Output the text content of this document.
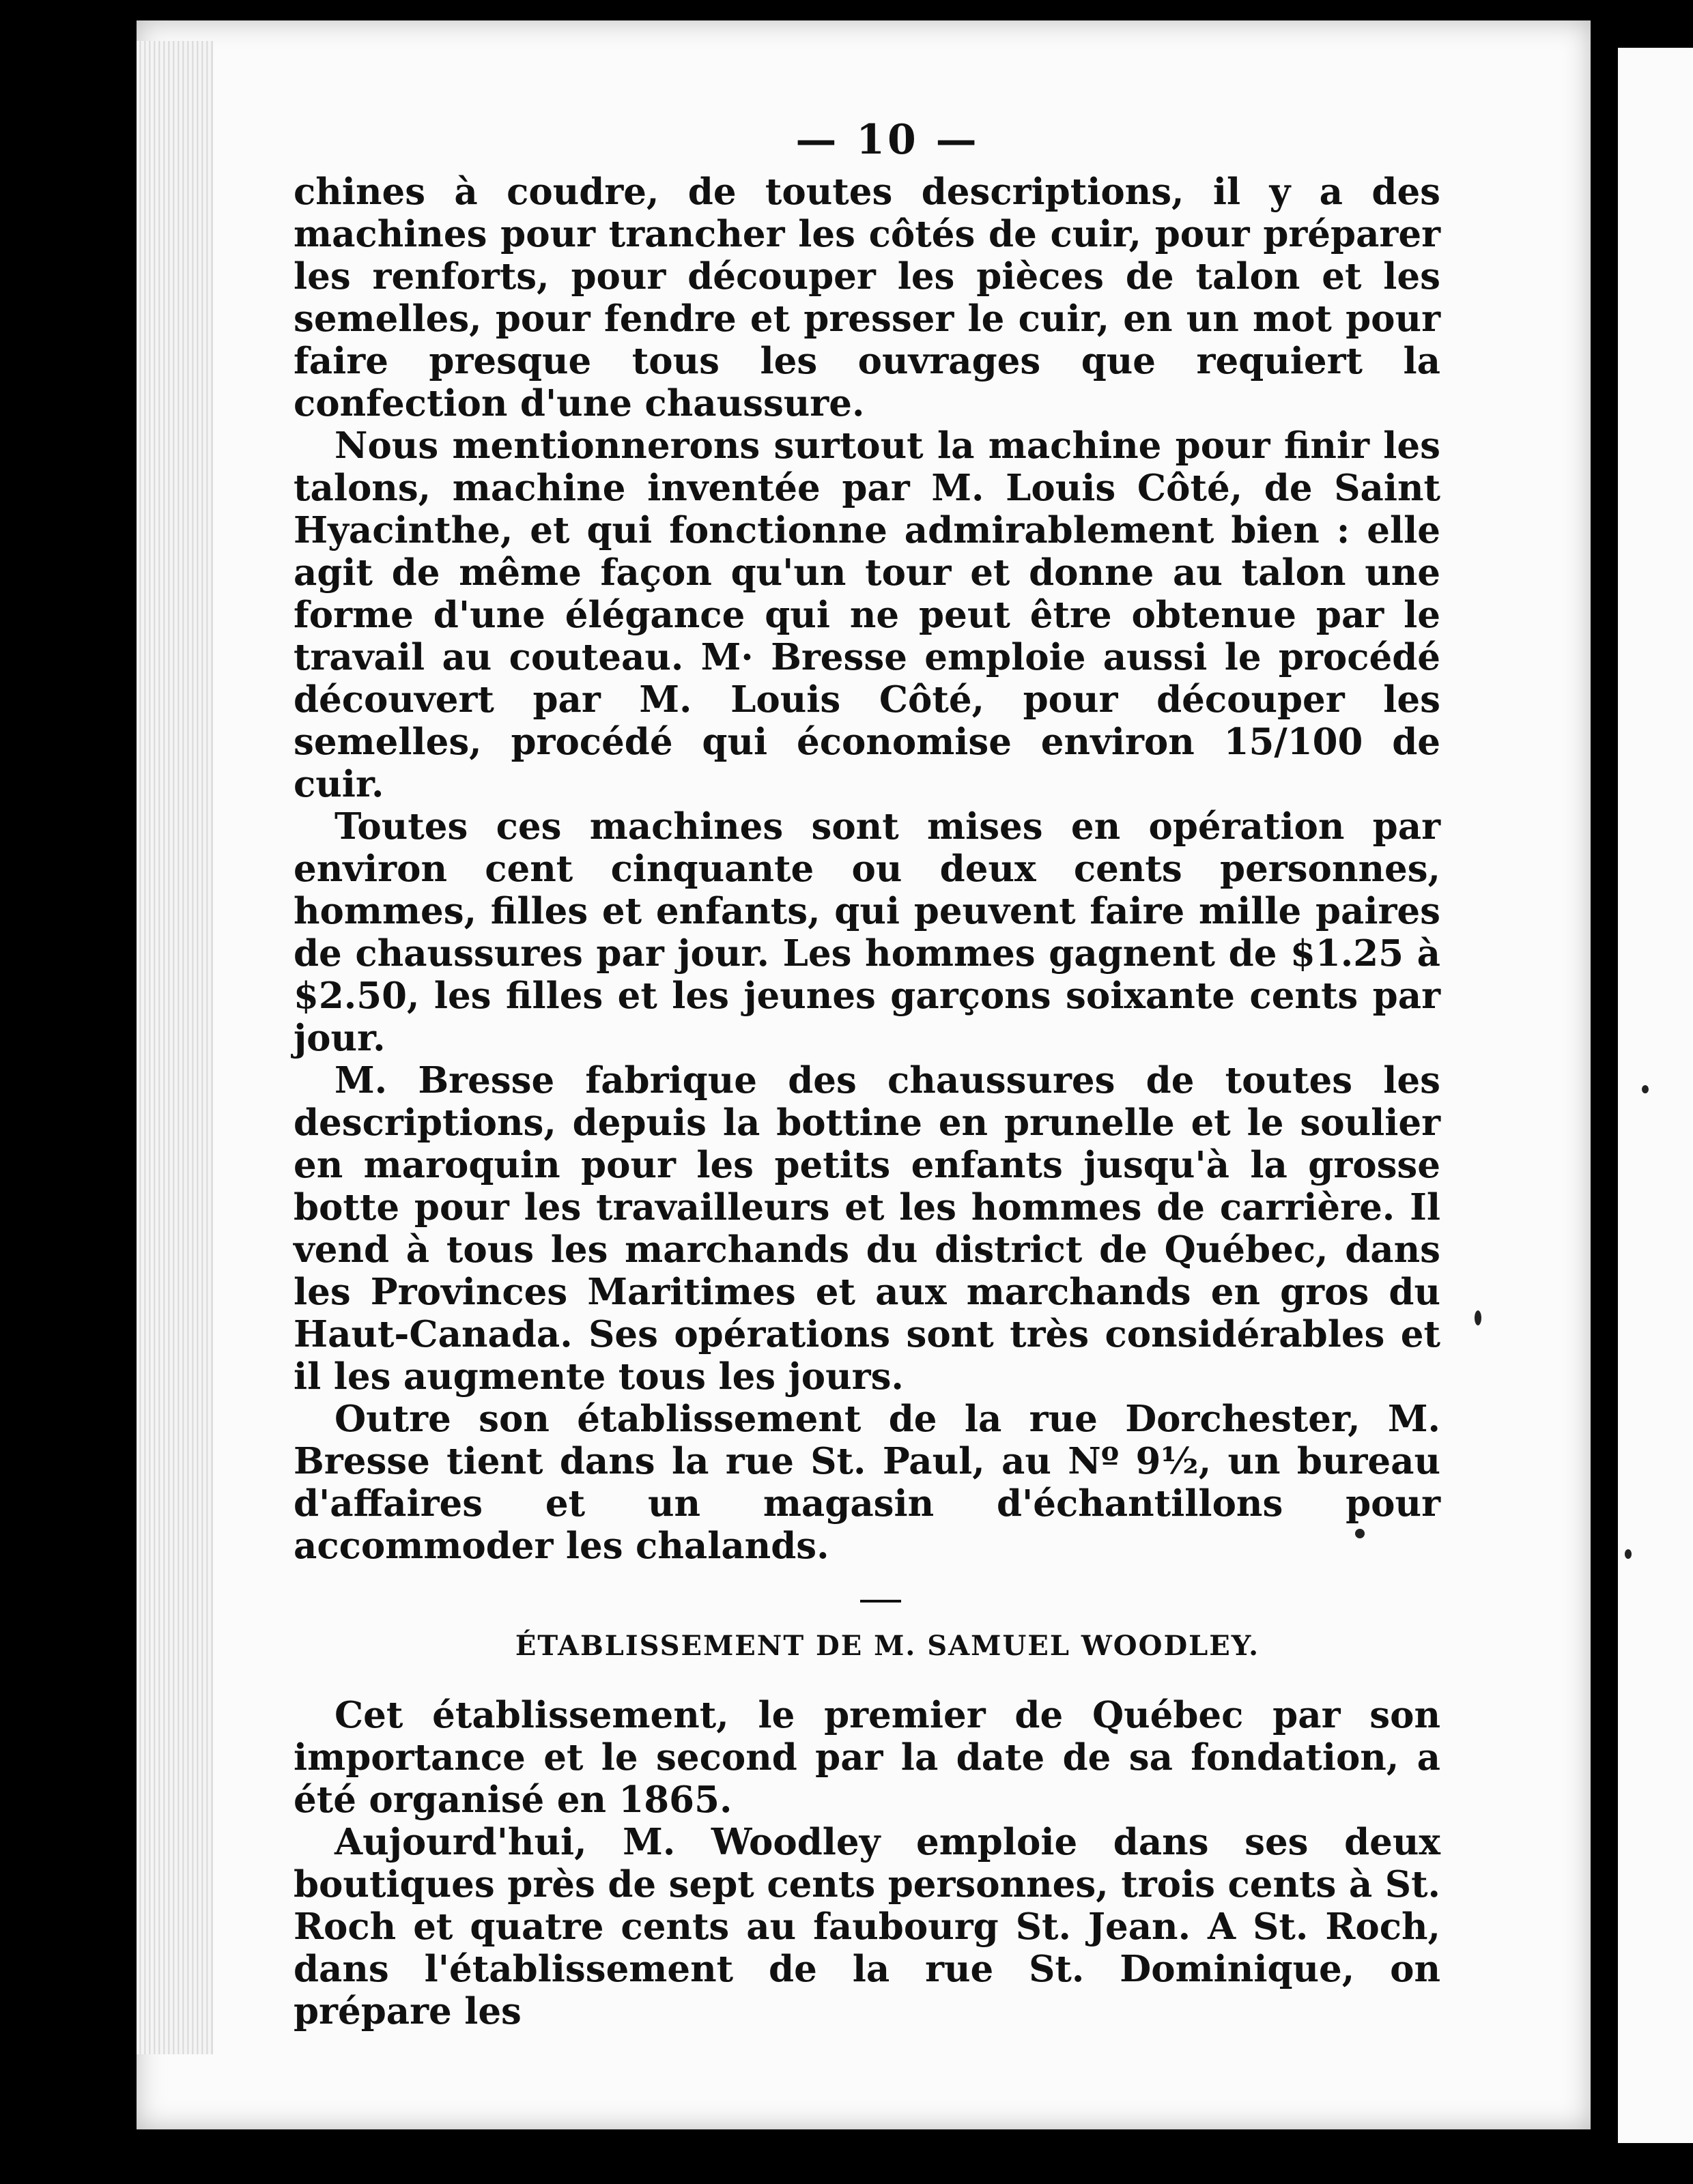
— 10 —

chines à coudre, de toutes descriptions, il y a des machines pour trancher les côtés de cuir, pour préparer les renforts, pour découper les pièces de talon et les semelles, pour fendre et presser le cuir, en un mot pour faire presque tous les ouvrages que requiert la confection d'une chaussure.

Nous mentionnerons surtout la machine pour finir les talons, machine inventée par M. Louis Côté, de Saint Hyacinthe, et qui fonctionne admirablement bien : elle agit de même façon qu'un tour et donne au talon une forme d'une élégance qui ne peut être obtenue par le travail au couteau. M· Bresse emploie aussi le procédé découvert par M. Louis Côté, pour découper les semelles, procédé qui économise environ 15/100 de cuir.

Toutes ces machines sont mises en opération par environ cent cinquante ou deux cents personnes, hommes, filles et enfants, qui peuvent faire mille paires de chaussures par jour. Les hommes gagnent de $1.25 à $2.50, les filles et les jeunes garçons soixante cents par jour.

M. Bresse fabrique des chaussures de toutes les descriptions, depuis la bottine en prunelle et le soulier en maroquin pour les petits enfants jusqu'à la grosse botte pour les travailleurs et les hommes de carrière. Il vend à tous les marchands du district de Québec, dans les Provinces Maritimes et aux marchands en gros du Haut-Canada. Ses opérations sont très considérables et il les augmente tous les jours.

Outre son établissement de la rue Dorchester, M. Bresse tient dans la rue St. Paul, au Nº 9½, un bureau d'affaires et un magasin d'échantillons pour accommoder les chalands.

ÉTABLISSEMENT DE M. SAMUEL WOODLEY.

Cet établissement, le premier de Québec par son importance et le second par la date de sa fondation, a été organisé en 1865.

Aujourd'hui, M. Woodley emploie dans ses deux boutiques près de sept cents personnes, trois cents à St. Roch et quatre cents au faubourg St. Jean. A St. Roch, dans l'établissement de la rue St. Dominique, on prépare les
